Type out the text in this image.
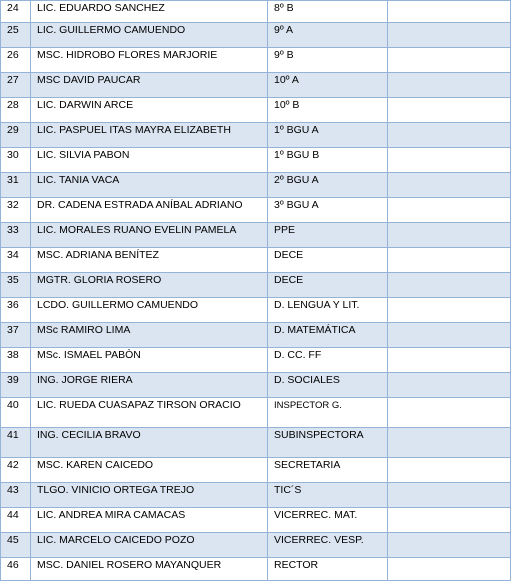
24	LIC. EDUARDO SANCHEZ	8º B	
25	LIC. GUILLERMO CAMUENDO	9º A	
26	MSC. HIDROBO FLORES MARJORIE	9º B	
27	MSC DAVID PAUCAR	10º A	
28	LIC. DARWIN ARCE	10º B	
29	LIC. PASPUEL ITAS MAYRA ELIZABETH	1º BGU A	
30	LIC. SILVIA PABON	1º BGU B	
31	LIC. TANIA VACA	2º BGU A	
32	DR. CADENA ESTRADA ANÍBAL ADRIANO	3º BGU A	
33	LIC. MORALES RUANO EVELIN PAMELA	PPE	
34	MSC. ADRIANA BENÍTEZ	DECE	
35	MGTR. GLORIA ROSERO	DECE	
36	LCDO. GUILLERMO CAMUENDO	D. LENGUA Y LIT.	
37	MSc RAMIRO LIMA	D. MATEMÁTICA	
38	MSc. ISMAEL PABÒN	D. CC. FF	
39	ING. JORGE RIERA	D. SOCIALES	
40	LIC. RUEDA CUASAPAZ TIRSON ORACIO	INSPECTOR G.	
41	ING. CECILIA BRAVO	SUBINSPECTORA	
42	MSC. KAREN CAICEDO	SECRETARIA	
43	TLGO. VINICIO ORTEGA TREJO	TIC´S	
44	LIC. ANDREA MIRA CAMACAS	VICERREC. MAT.	
45	LIC. MARCELO CAICEDO POZO	VICERREC. VESP.	
46	MSC. DANIEL ROSERO MAYANQUER	RECTOR	
